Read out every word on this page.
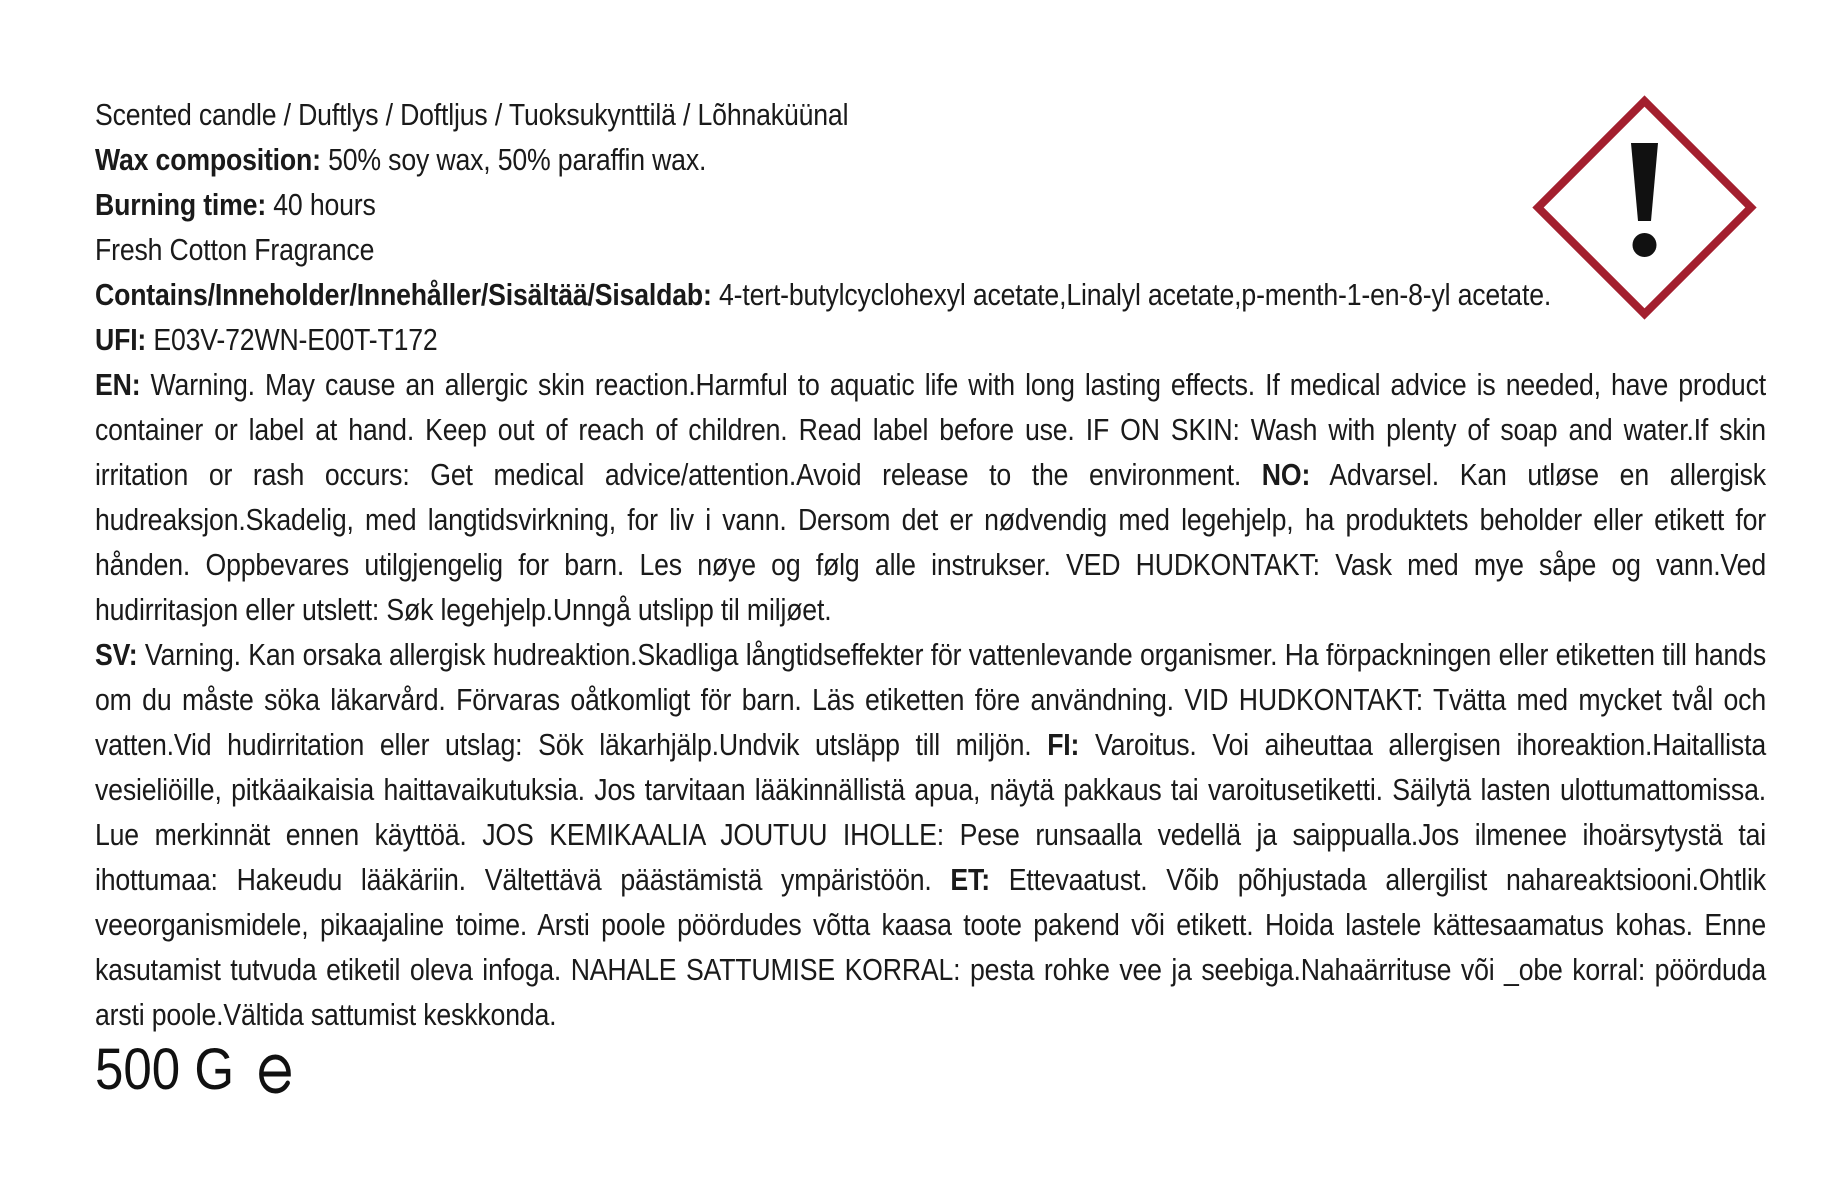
Scented candle / Duftlys / Doftljus / Tuoksukynttilä / Lõhnaküünal
Wax composition: 50% soy wax, 50% paraffin wax.
Burning time: 40 hours
Fresh Cotton Fragrance
Contains/Inneholder/Innehåller/Sisältää/Sisaldab: 4-tert-butylcyclohexyl acetate,Linalyl acetate,p-menth-1-en-8-yl acetate.
UFI: E03V-72WN-E00T-T172
EN: Warning. May cause an allergic skin reaction.Harmful to aquatic life with long lasting effects. If medical advice is needed, have product container or label at hand. Keep out of reach of children. Read label before use. IF ON SKIN: Wash with plenty of soap and water.If skin irritation or rash occurs: Get medical advice/attention.Avoid release to the environment. NO: Advarsel. Kan utløse en allergisk hudreaksjon.Skadelig, med langtidsvirkning, for liv i vann. Dersom det er nødvendig med legehjelp, ha produktets beholder eller etikett for hånden. Oppbevares utilgjengelig for barn. Les nøye og følg alle instrukser. VED HUDKONTAKT: Vask med mye såpe og vann.Ved hudirritasjon eller utslett: Søk legehjelp.Unngå utslipp til miljøet.
SV: Varning. Kan orsaka allergisk hudreaktion.Skadliga långtidseffekter för vattenlevande organismer. Ha förpackningen eller etiketten till hands om du måste söka läkarvård. Förvaras oåtkomligt för barn. Läs etiketten före användning. VID HUDKONTAKT: Tvätta med mycket tvål och vatten.Vid hudirritation eller utslag: Sök läkarhjälp.Undvik utsläpp till miljön. FI: Varoitus. Voi aiheuttaa allergisen ihoreaktion.Haitallista vesieliöille, pitkäaikaisia haittavaikutuksia. Jos tarvitaan lääkinnällistä apua, näytä pakkaus tai varoitusetiketti. Säilytä lasten ulottumattomissa. Lue merkinnät ennen käyttöä. JOS KEMIKAALIA JOUTUU IHOLLE: Pese runsaalla vedellä ja saippualla.Jos ilmenee ihoärsytystä tai ihottumaa: Hakeudu lääkäriin. Vältettävä päästämistä ympäristöön. ET: Ettevaatust. Võib põhjustada allergilist nahareaktsiooni.Ohtlik veeorganismidele, pikaajaline toime. Arsti poole pöördudes võtta kaasa toote pakend või etikett. Hoida lastele kättesaamatus kohas. Enne kasutamist tutvuda etiketil oleva infoga. NAHALE SATTUMISE KORRAL: pesta rohke vee ja seebiga.Nahaärrituse või _obe korral: pöörduda arsti poole.Vältida sattumist keskkonda.
500 G
